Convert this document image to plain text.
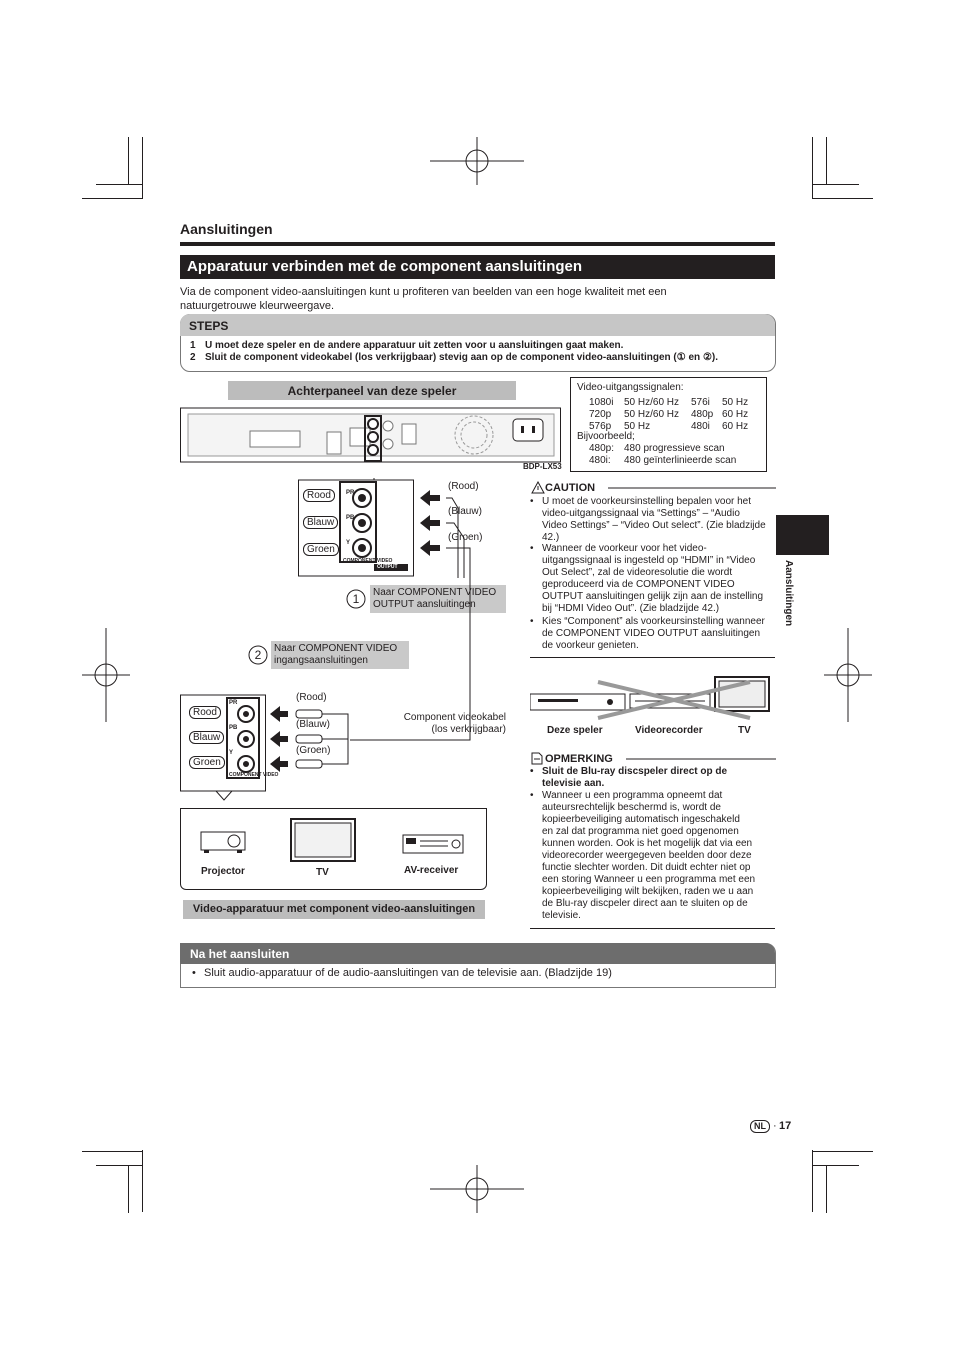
Aansluitingen
Apparatuur verbinden met de component aansluitingen
Via de component video-aansluitingen kunt u profiteren van beelden van een hoge kwaliteit met een natuurgetrouwe kleurweergave.
STEPS
1 U moet deze speler en de andere apparatuur uit zetten voor u aansluitingen gaat maken.
2 Sluit de component videokabel (los verkrijgbaar) stevig aan op de component video-aansluitingen (① en ②).
Achterpaneel van deze speler
BDP-LX53
Video-uitgangssignalen:
1080i 50 Hz/60 Hz 576i 50 Hz
720p 50 Hz/60 Hz 480p 60 Hz
576p 50 Hz	480i 60 Hz
Bijvoorbeeld;
480p: 480 progressieve scan
480i: 480 geïnterlinieerde scan
PR
PB
Y
COMPONENT VIDEO
OUTPUT
Rood
Blauw
Groen
(Rood)
(Blauw)
(Groen)
1	Naar COMPONENT VIDEO
OUTPUT aansluitingen
2	Naar COMPONENT VIDEO
ingangsaansluitingen
Component videokabel
(los verkrijgbaar)
PR
PB
Y
COMPONENT VIDEO
Rood
Blauw
Groen
(Rood)
(Blauw)
(Groen)
Projector	TV	AV-receiver
Video-apparatuur met component video-aansluitingen
CAUTION
• U moet de voorkeursinstelling bepalen voor het
video-uitgangssignaal via “Settings” – “Audio
Video Settings” – “Video Out select”. (Zie bladzijde
42.)
• Wanneer de voorkeur voor het video-
uitgangssignaal is ingesteld op “HDMI” in “Video
Out Select”, zal de videoresolutie die wordt
geproduceerd via de COMPONENT VIDEO
OUTPUT aansluitingen gelijk zijn aan de instelling
bij “HDMI Video Out”. (Zie bladzijde 42.)
• Kies “Component” als voorkeursinstelling wanneer
de COMPONENT VIDEO OUTPUT aansluitingen
de voorkeur genieten.
Deze speler	Videorecorder	TV
OPMERKING
• Sluit de Blu-ray discspeler direct op de
televisie aan.
• Wanneer u een programma opneemt dat
auteursrechtelijk beschermd is, wordt de
kopieerbeveiliging automatisch ingeschakeld
en zal dat programma niet goed opgenomen
kunnen worden. Ook is het mogelijk dat via een
videorecorder weergegeven beelden door deze
functie slechter worden. Dit duidt echter niet op
een storing Wanneer u een programma met een
kopieerbeveiliging wilt bekijken, raden we u aan
de Blu-ray discpeler direct aan te sluiten op de
televisie.
Na het aansluiten
• Sluit audio-apparatuur of de audio-aansluitingen van de televisie aan. (Bladzijde 19)
Aansluitingen
NL · 17
